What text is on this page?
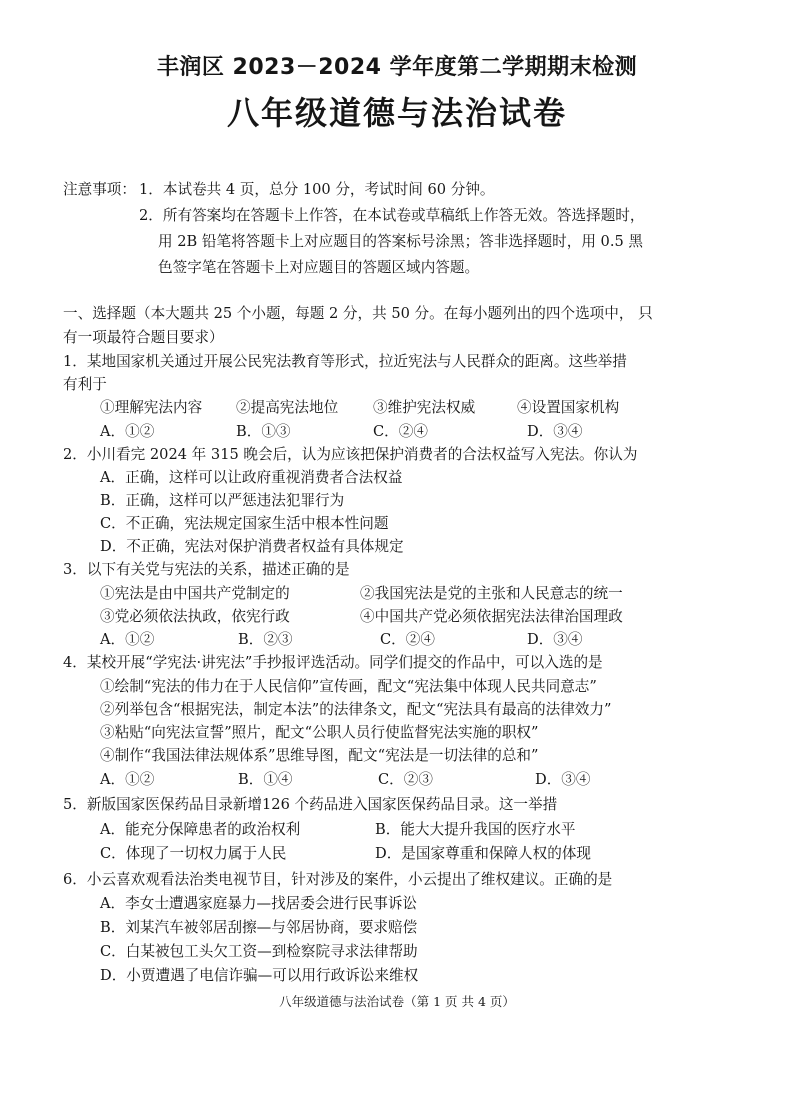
丰润区 2023－2024 学年度第二学期期末检测
八年级道德与法治试卷
注意事项： 1．本试卷共 4 页，总分 100 分，考试时间 60 分钟。
2．所有答案均在答题卡上作答，在本试卷或草稿纸上作答无效。答选择题时，
用 2B 铅笔将答题卡上对应题目的答案标号涂黑；答非选择题时，用 0.5 黑
色签字笔在答题卡上对应题目的答题区域内答题。
一、选择题（本大题共 25 个小题，每题 2 分，共 50 分。在每小题列出的四个选项中， 只
有一项最符合题目要求）
1．某地国家机关通过开展公民宪法教育等形式，拉近宪法与人民群众的距离。这些举措
有利于
①理解宪法内容 ②提高宪法地位 ③维护宪法权威	④设置国家机构
A．①②	B．①③	C．②④	D．③④
2．小川看完 2024 年 315 晚会后，认为应该把保护消费者的合法权益写入宪法。你认为
A．正确，这样可以让政府重视消费者合法权益
B．正确，这样可以严惩违法犯罪行为
C．不正确，宪法规定国家生活中根本性问题
D．不正确，宪法对保护消费者权益有具体规定
3．以下有关党与宪法的关系，描述正确的是
①宪法是由中国共产党制定的	②我国宪法是党的主张和人民意志的统一
③党必须依法执政，依宪行政	④中国共产党必须依据宪法法律治国理政
A．①②	B．②③	C．②④	D．③④
4．某校开展“学宪法·讲宪法”手抄报评选活动。同学们提交的作品中，可以入选的是
①绘制“宪法的伟力在于人民信仰”宣传画，配文“宪法集中体现人民共同意志”
②列举包含“根据宪法，制定本法”的法律条文，配文“宪法具有最高的法律效力”
③粘贴“向宪法宣誓”照片，配文“公职人员行使监督宪法实施的职权”
④制作“我国法律法规体系”思维导图，配文“宪法是一切法律的总和”
A．①②	B．①④	C．②③	D．③④
5．新版国家医保药品目录新增126 个药品进入国家医保药品目录。这一举措
A．能充分保障患者的政治权利	B．能大大提升我国的医疗水平
C．体现了一切权力属于人民	D．是国家尊重和保障人权的体现
6．小云喜欢观看法治类电视节目，针对涉及的案件，小云提出了维权建议。正确的是
A．李女士遭遇家庭暴力—找居委会进行民事诉讼
B．刘某汽车被邻居刮擦—与邻居协商，要求赔偿
C．白某被包工头欠工资—到检察院寻求法律帮助
D．小贾遭遇了电信诈骗—可以用行政诉讼来维权
八年级道德与法治试卷（第 1 页 共 4 页）
